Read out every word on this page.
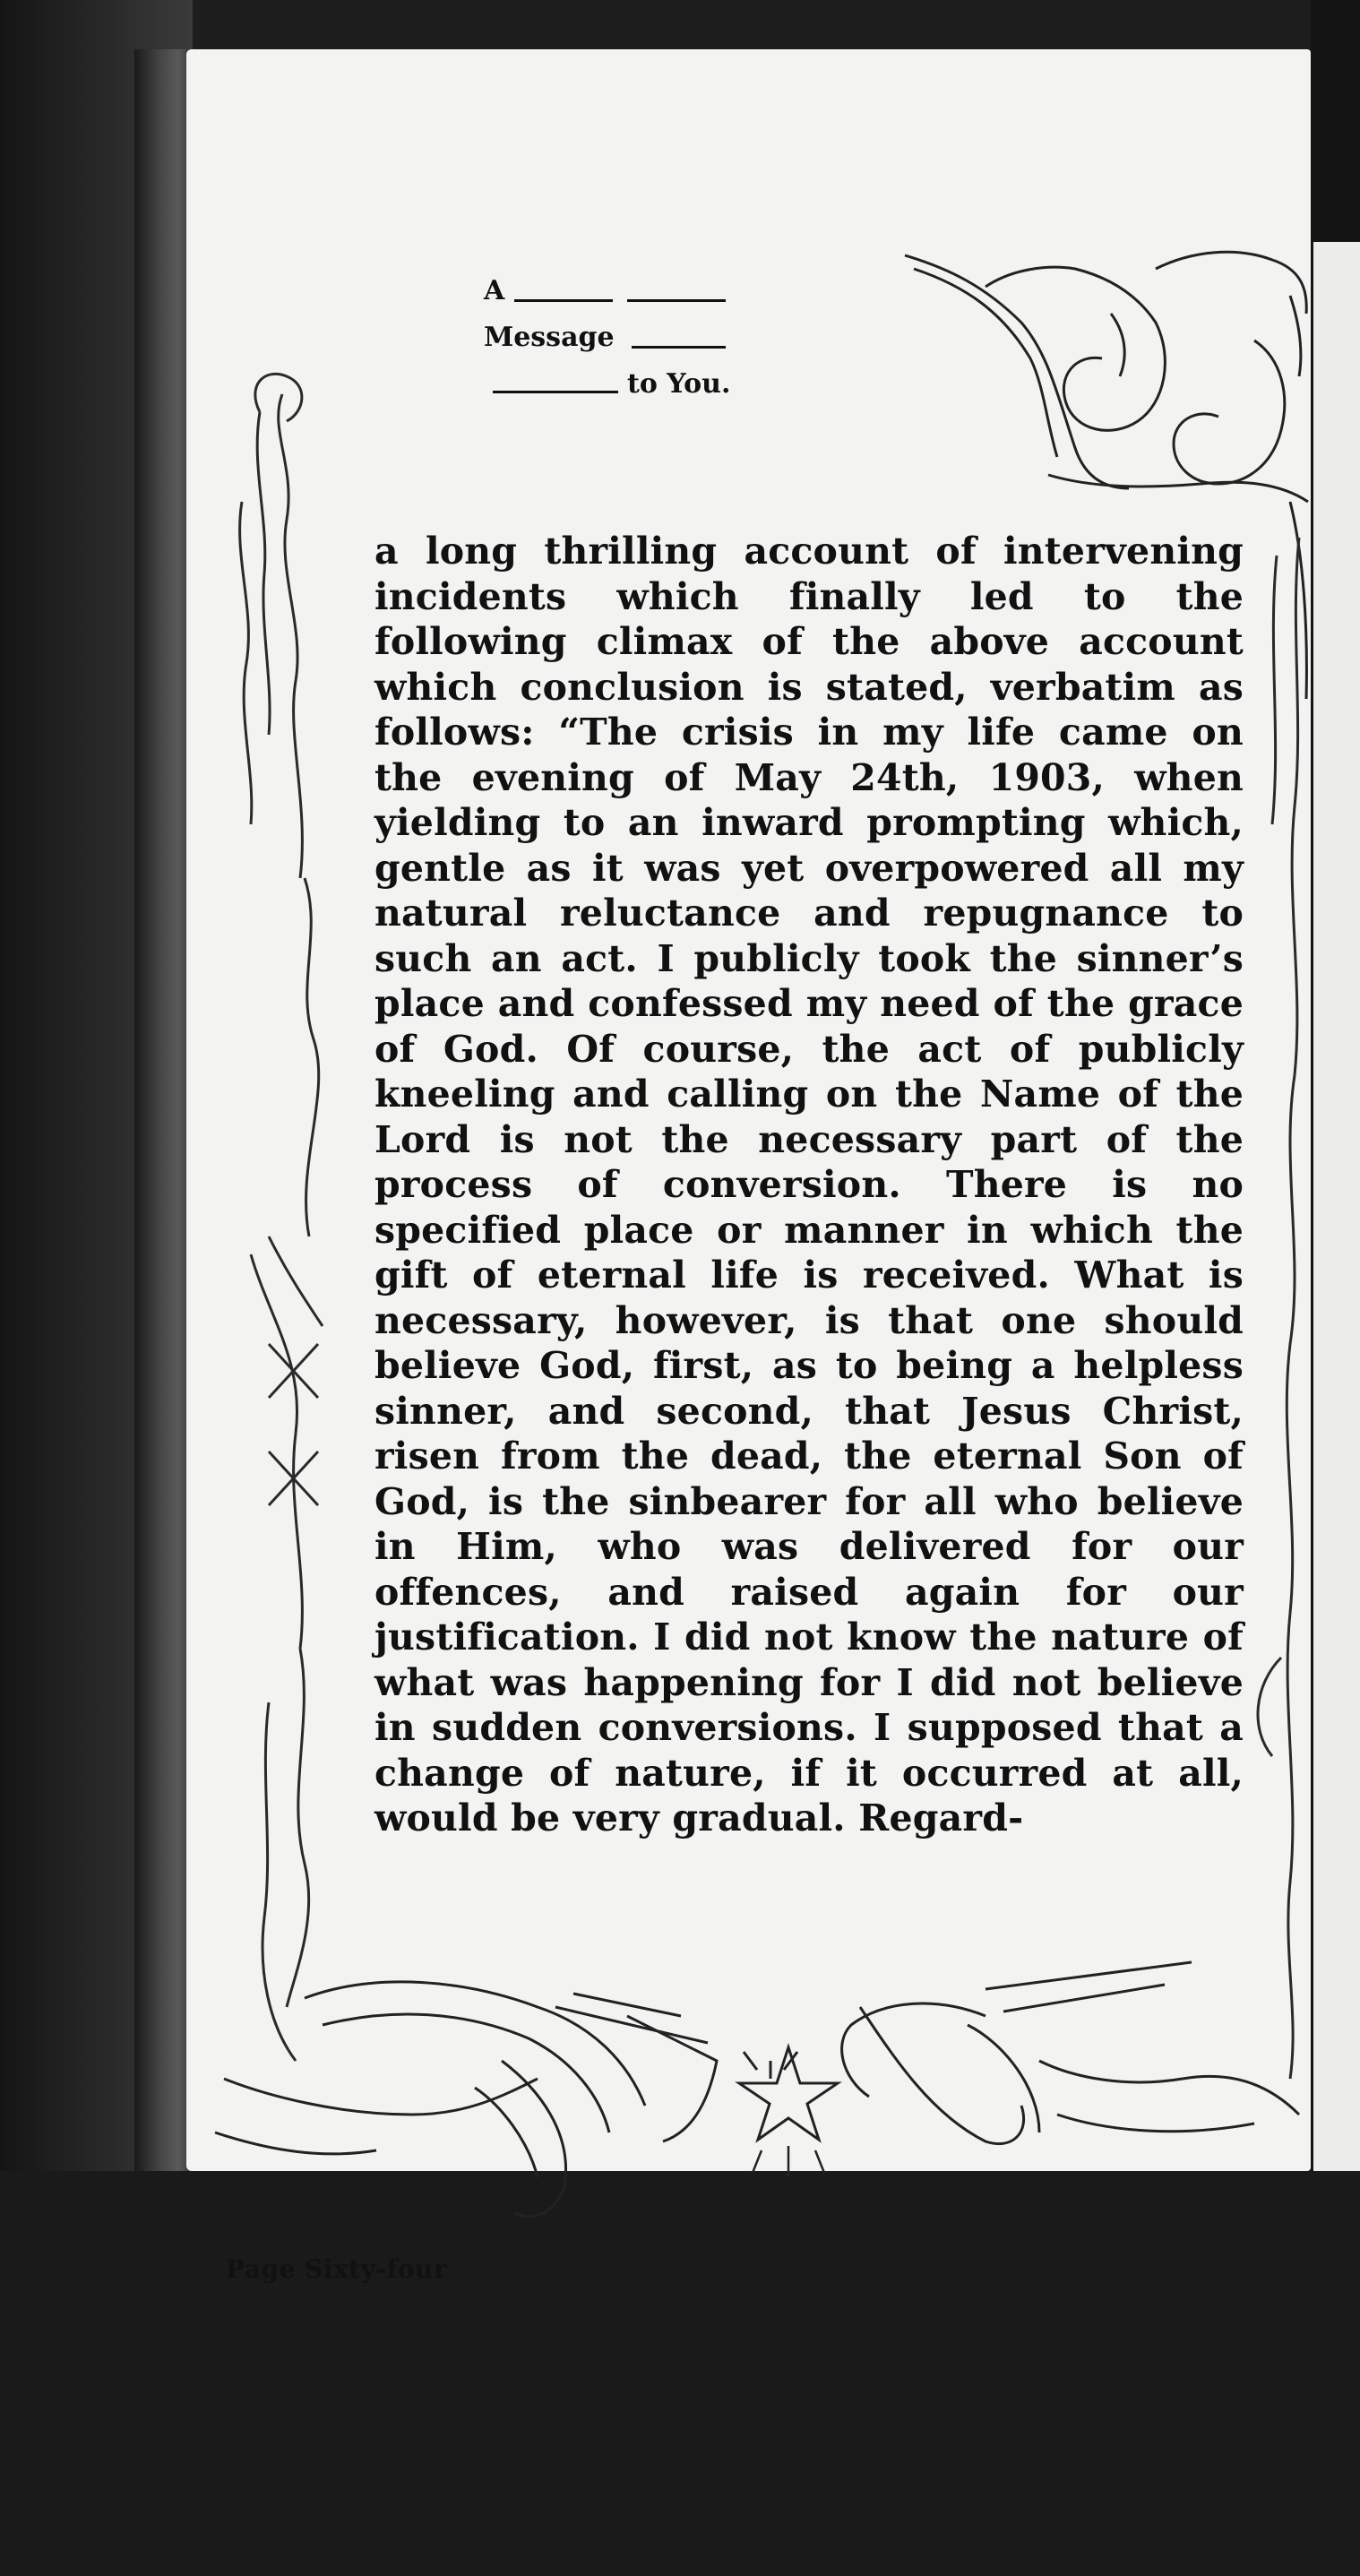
A
Message
to You.

a long thrilling account of intervening incidents which finally led to the following climax of the above account which conclusion is stated, verbatim as follows: “The crisis in my life came on the evening of May 24th, 1903, when yielding to an inward prompting which, gentle as it was yet overpowered all my natural reluctance and repugnance to such an act. I publicly took the sinner’s place and confessed my need of the grace of God. Of course, the act of publicly kneeling and calling on the Name of the Lord is not the necessary part of the process of conversion. There is no specified place or manner in which the gift of eternal life is received. What is necessary, however, is that one should believe God, first, as to being a helpless sinner, and second, that Jesus Christ, risen from the dead, the eternal Son of God, is the sinbearer for all who believe in Him, who was delivered for our offences, and raised again for our justification. I did not know the nature of what was happening for I did not believe in sudden conversions. I supposed that a change of nature, if it occurred at all, would be very gradual. Regard-

Page Sixty-four
